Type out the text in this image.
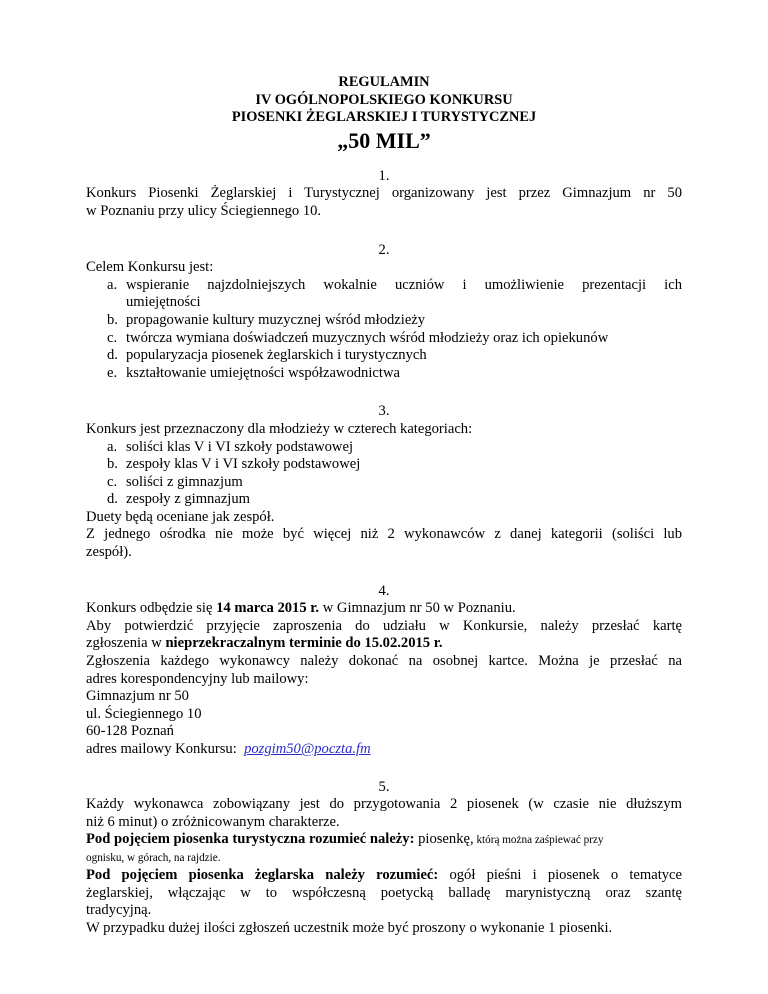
REGULAMIN
IV OGÓLNOPOLSKIEGO KONKURSU
PIOSENKI ŻEGLARSKIEJ I TURYSTYCZNEJ
„50 MIL”
1.
Konkurs Piosenki Żeglarskiej i Turystycznej organizowany jest przez Gimnazjum nr 50
w Poznaniu przy ulicy Ściegiennego 10.
2.
Celem Konkursu jest:
a. wspieranie najzdolniejszych wokalnie uczniów i umożliwienie prezentacji ich
umiejętności
b. propagowanie kultury muzycznej wśród młodzieży
c. twórcza wymiana doświadczeń muzycznych wśród młodzieży oraz ich opiekunów
d. popularyzacja piosenek żeglarskich i turystycznych
e. kształtowanie umiejętności współzawodnictwa
3.
Konkurs jest przeznaczony dla młodzieży w czterech kategoriach:
a. soliści klas V i VI szkoły podstawowej
b. zespoły klas V i VI szkoły podstawowej
c. soliści z gimnazjum
d. zespoły z gimnazjum
Duety będą oceniane jak zespół.
Z jednego ośrodka nie może być więcej niż 2 wykonawców z danej kategorii (soliści lub
zespół).
4.
Konkurs odbędzie się 14 marca 2015 r. w Gimnazjum nr 50 w Poznaniu.
Aby potwierdzić przyjęcie zaproszenia do udziału w Konkursie, należy przesłać kartę
zgłoszenia w nieprzekraczalnym terminie do 15.02.2015 r.
Zgłoszenia każdego wykonawcy należy dokonać na osobnej kartce. Można je przesłać na
adres korespondencyjny lub mailowy:
Gimnazjum nr 50
ul. Ściegiennego 10
60-128 Poznań
adres mailowy Konkursu:  pozgim50@poczta.fm
5.
Każdy wykonawca zobowiązany jest do przygotowania 2 piosenek (w czasie nie dłuższym
niż 6 minut) o zróżnicowanym charakterze.
Pod pojęciem piosenka turystyczna rozumieć należy: piosenkę, którą można zaśpiewać przy
ognisku, w górach, na rajdzie.
Pod pojęciem piosenka żeglarska należy rozumieć: ogół pieśni i piosenek o tematyce
żeglarskiej, włączając w to współczesną poetycką balladę marynistyczną oraz szantę
tradycyjną.
W przypadku dużej ilości zgłoszeń uczestnik może być proszony o wykonanie 1 piosenki.
